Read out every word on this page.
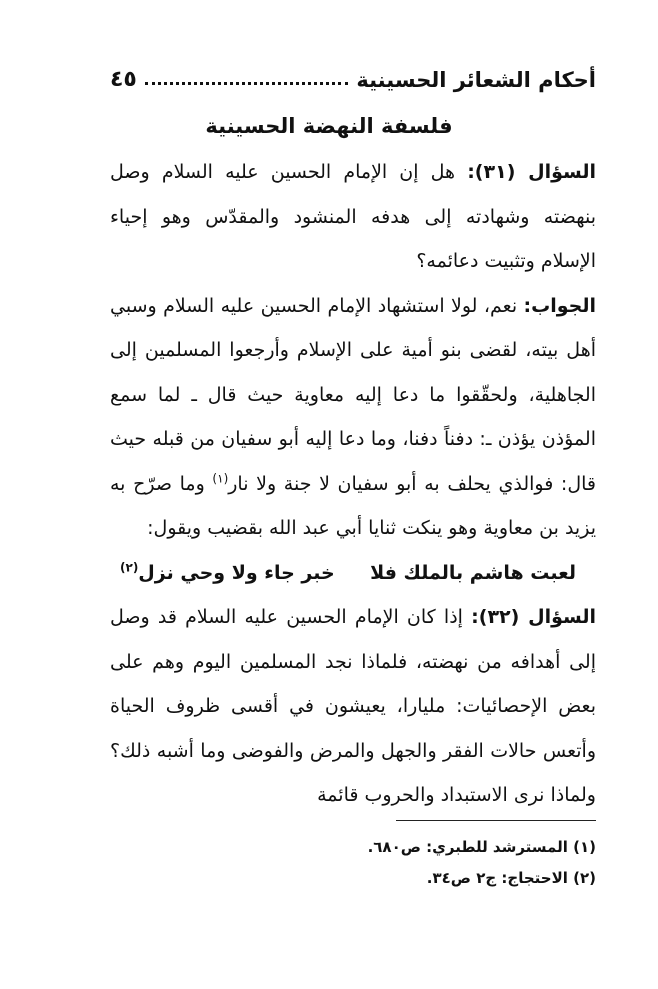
أحكام الشعائر الحسينية
٤٥
فلسفة النهضة الحسينية

السؤال (٣١): هل إن الإمام الحسين عليه السلام وصل بنهضته وشهادته إلى هدفه المنشود والمقدّس وهو إحياء الإسلام وتثبيت دعائمه؟

الجواب: نعم، لولا استشهاد الإمام الحسين عليه السلام وسبي أهل بيته، لقضى بنو أمية على الإسلام وأرجعوا المسلمين إلى الجاهلية، ولحقّقوا ما دعا إليه معاوية حيث قال ـ لما سمع المؤذن يؤذن ـ: دفناً دفنا، وما دعا إليه أبو سفيان من قبله حيث قال: فوالذي يحلف به أبو سفيان لا جنة ولا نار$^{(١)}$ وما صرّح به يزيد بن معاوية وهو ينكت ثنايا أبي عبد الله بقضيب ويقول:

لعبت هاشم بالملك فلا
خبر جاء ولا وحي نزل$^{(٢)}$

السؤال (٣٢): إذا كان الإمام الحسين عليه السلام قد وصل إلى أهدافه من نهضته، فلماذا نجد المسلمين اليوم وهم على بعض الإحصائيات: مليارا، يعيشون في أقسى ظروف الحياة وأتعس حالات الفقر والجهل والمرض والفوضى وما أشبه ذلك؟ ولماذا نرى الاستبداد والحروب قائمة

(١) المسترشد للطبري: ص٦٨٠.

(٢) الاحتجاج: ج٢ ص٣٤.
